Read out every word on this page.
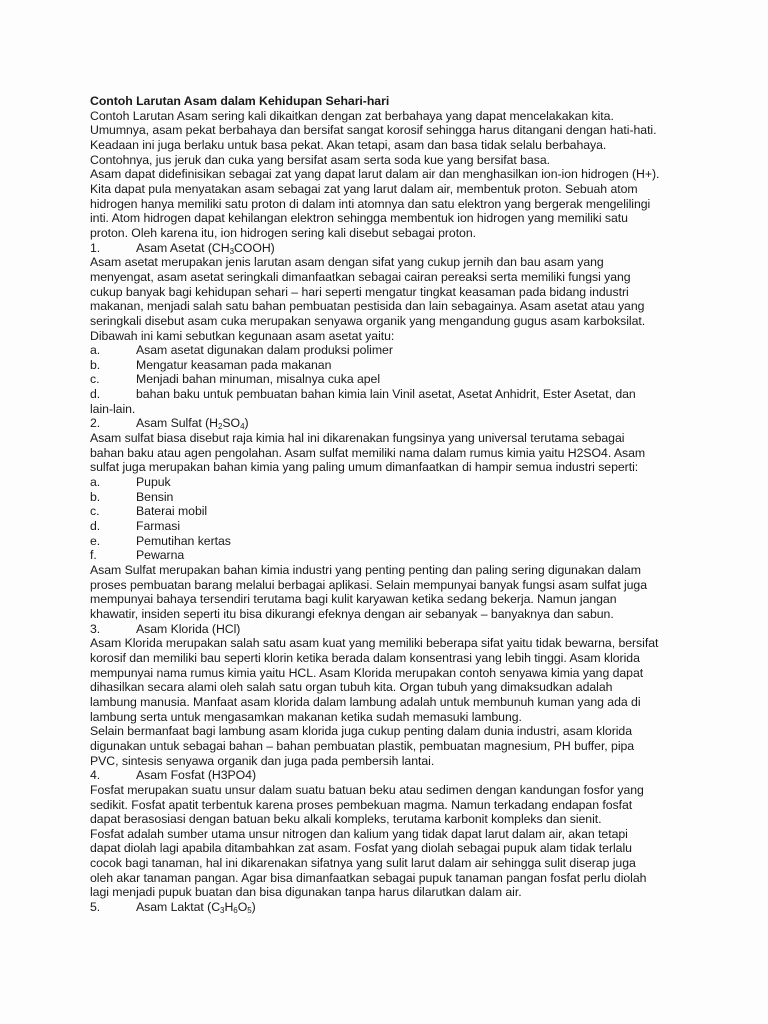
Contoh Larutan Asam dalam Kehidupan Sehari-hari

Contoh Larutan Asam sering kali dikaitkan dengan zat berbahaya yang dapat mencelakakan kita.

Umumnya, asam pekat berbahaya dan bersifat sangat korosif sehingga harus ditangani dengan hati-hati.

Keadaan ini juga berlaku untuk basa pekat. Akan tetapi, asam dan basa tidak selalu berbahaya.

Contohnya, jus jeruk dan cuka yang bersifat asam serta soda kue yang bersifat basa.

Asam dapat didefinisikan sebagai zat yang dapat larut dalam air dan menghasilkan ion-ion hidrogen (H+).

Kita dapat pula menyatakan asam sebagai zat yang larut dalam air, membentuk proton. Sebuah atom

hidrogen hanya memiliki satu proton di dalam inti atomnya dan satu elektron yang bergerak mengelilingi

inti. Atom hidrogen dapat kehilangan elektron sehingga membentuk ion hidrogen yang memiliki satu

proton. Oleh karena itu, ion hidrogen sering kali disebut sebagai proton.

1.	Asam Asetat $(CH_3COOH)$

Asam asetat merupakan jenis larutan asam dengan sifat yang cukup jernih dan bau asam yang

menyengat, asam asetat seringkali dimanfaatkan sebagai cairan pereaksi serta memiliki fungsi yang

cukup banyak bagi kehidupan sehari – hari seperti mengatur tingkat keasaman pada bidang industri

makanan, menjadi salah satu bahan pembuatan pestisida dan lain sebagainya. Asam asetat atau yang

seringkali disebut asam cuka merupakan senyawa organik yang mengandung gugus asam karboksilat.

Dibawah ini kami sebutkan kegunaan asam asetat yaitu:

a.	Asam asetat digunakan dalam produksi polimer
b.	Mengatur keasaman pada makanan
c.	Menjadi bahan minuman, misalnya cuka apel
d.	bahan baku untuk pembuatan bahan kimia lain Vinil asetat, Asetat Anhidrit, Ester Asetat, dan

lain-lain.

2.	Asam Sulfat $(H_2SO_4)$

Asam sulfat biasa disebut raja kimia hal ini dikarenakan fungsinya yang universal terutama sebagai

bahan baku atau agen pengolahan. Asam sulfat memiliki nama dalam rumus kimia yaitu H2SO4. Asam

sulfat juga merupakan bahan kimia yang paling umum dimanfaatkan di hampir semua industri seperti:

a.	Pupuk
b.	Bensin
c.	Baterai mobil
d.	Farmasi
e.	Pemutihan kertas
f.	Pewarna

Asam Sulfat merupakan bahan kimia industri yang penting penting dan paling sering digunakan dalam

proses pembuatan barang melalui berbagai aplikasi. Selain mempunyai banyak fungsi asam sulfat juga

mempunyai bahaya tersendiri terutama bagi kulit karyawan ketika sedang bekerja. Namun jangan

khawatir, insiden seperti itu bisa dikurangi efeknya dengan air sebanyak – banyaknya dan sabun.

3.	Asam Klorida (HCl)

Asam Klorida merupakan salah satu asam kuat yang memiliki beberapa sifat yaitu tidak bewarna, bersifat

korosif dan memiliki bau seperti klorin ketika berada dalam konsentrasi yang lebih tinggi. Asam klorida

mempunyai nama rumus kimia yaitu HCL. Asam Klorida merupakan contoh senyawa kimia yang dapat

dihasilkan secara alami oleh salah satu organ tubuh kita. Organ tubuh yang dimaksudkan adalah

lambung manusia. Manfaat asam klorida dalam lambung adalah untuk membunuh kuman yang ada di

lambung serta untuk mengasamkan makanan ketika sudah memasuki lambung.

Selain bermanfaat bagi lambung asam klorida juga cukup penting dalam dunia industri, asam klorida

digunakan untuk sebagai bahan – bahan pembuatan plastik, pembuatan magnesium, PH buffer, pipa

PVC, sintesis senyawa organik dan juga pada pembersih lantai.

4.	Asam Fosfat (H3PO4)

Fosfat merupakan suatu unsur dalam suatu batuan beku atau sedimen dengan kandungan fosfor yang

sedikit. Fosfat apatit terbentuk karena proses pembekuan magma. Namun terkadang endapan fosfat

dapat berasosiasi dengan batuan beku alkali kompleks, terutama karbonit kompleks dan sienit.

Fosfat adalah sumber utama unsur nitrogen dan kalium yang tidak dapat larut dalam air, akan tetapi

dapat diolah lagi apabila ditambahkan zat asam. Fosfat yang diolah sebagai pupuk alam tidak terlalu

cocok bagi tanaman, hal ini dikarenakan sifatnya yang sulit larut dalam air sehingga sulit diserap juga

oleh akar tanaman pangan. Agar bisa dimanfaatkan sebagai pupuk tanaman pangan fosfat perlu diolah

lagi menjadi pupuk buatan dan bisa digunakan tanpa harus dilarutkan dalam air.

5.	Asam Laktat $(C_3H_6O_5)$
